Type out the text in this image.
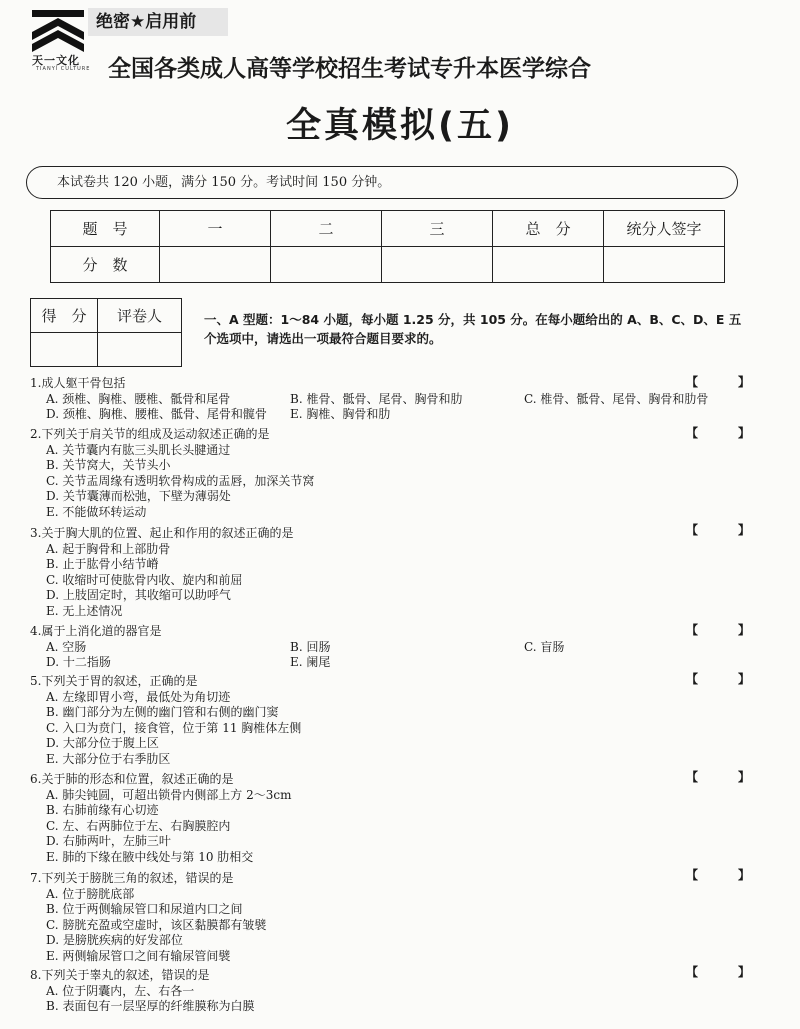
天一文化
TIANYI CULTURE
绝密★启用前
全国各类成人高等学校招生考试专升本医学综合
全真模拟(五)
本试卷共 120 小题，满分 150 分。考试时间 150 分钟。
题　号	一	二	三	总　分	统分人签字
分　数					
得　分	评卷人
		一、A 型题：1～84 小题，每小题 1.25 分，共 105 分。在每小题给出的 A、B、C、D、E 五个选项中，请选出一项最符合题目要求的。
1.成人躯干骨包括
A. 颈椎、胸椎、腰椎、骶骨和尾骨	B. 椎骨、骶骨、尾骨、胸骨和肋	C. 椎骨、骶骨、尾骨、胸骨和肋骨
D. 颈椎、胸椎、腰椎、骶骨、尾骨和髋骨 E. 胸椎、胸骨和肋
【　】
2.下列关于肩关节的组成及运动叙述正确的是
A. 关节囊内有肱三头肌长头腱通过
B. 关节窝大，关节头小
C. 关节盂周缘有透明软骨构成的盂唇，加深关节窝
D. 关节囊薄而松弛，下壁为薄弱处
E. 不能做环转运动
【　】
3.关于胸大肌的位置、起止和作用的叙述正确的是
A. 起于胸骨和上部肋骨
B. 止于肱骨小结节嵴
C. 收缩时可使肱骨内收、旋内和前屈
D. 上肢固定时，其收缩可以助呼气
E. 无上述情况
【　】
4.属于上消化道的器官是
A. 空肠	B. 回肠	C. 盲肠
D. 十二指肠	E. 阑尾
【　】
5.下列关于胃的叙述，正确的是
A. 左缘即胃小弯，最低处为角切迹
B. 幽门部分为左侧的幽门管和右侧的幽门窦
C. 入口为贲门，接食管，位于第 11 胸椎体左侧
D. 大部分位于腹上区
E. 大部分位于右季肋区
【　】
6.关于肺的形态和位置，叙述正确的是
A. 肺尖钝圆，可超出锁骨内侧部上方 2～3cm
B. 右肺前缘有心切迹
C. 左、右两肺位于左、右胸膜腔内
D. 右肺两叶，左肺三叶
E. 肺的下缘在腋中线处与第 10 肋相交
【　】
7.下列关于膀胱三角的叙述，错误的是
A. 位于膀胱底部
B. 位于两侧输尿管口和尿道内口之间
C. 膀胱充盈或空虚时，该区黏膜都有皱襞
D. 是膀胱疾病的好发部位
E. 两侧输尿管口之间有输尿管间襞
【　】
8.下列关于睾丸的叙述，错误的是
A. 位于阴囊内，左、右各一
B. 表面包有一层坚厚的纤维膜称为白膜
【　】
